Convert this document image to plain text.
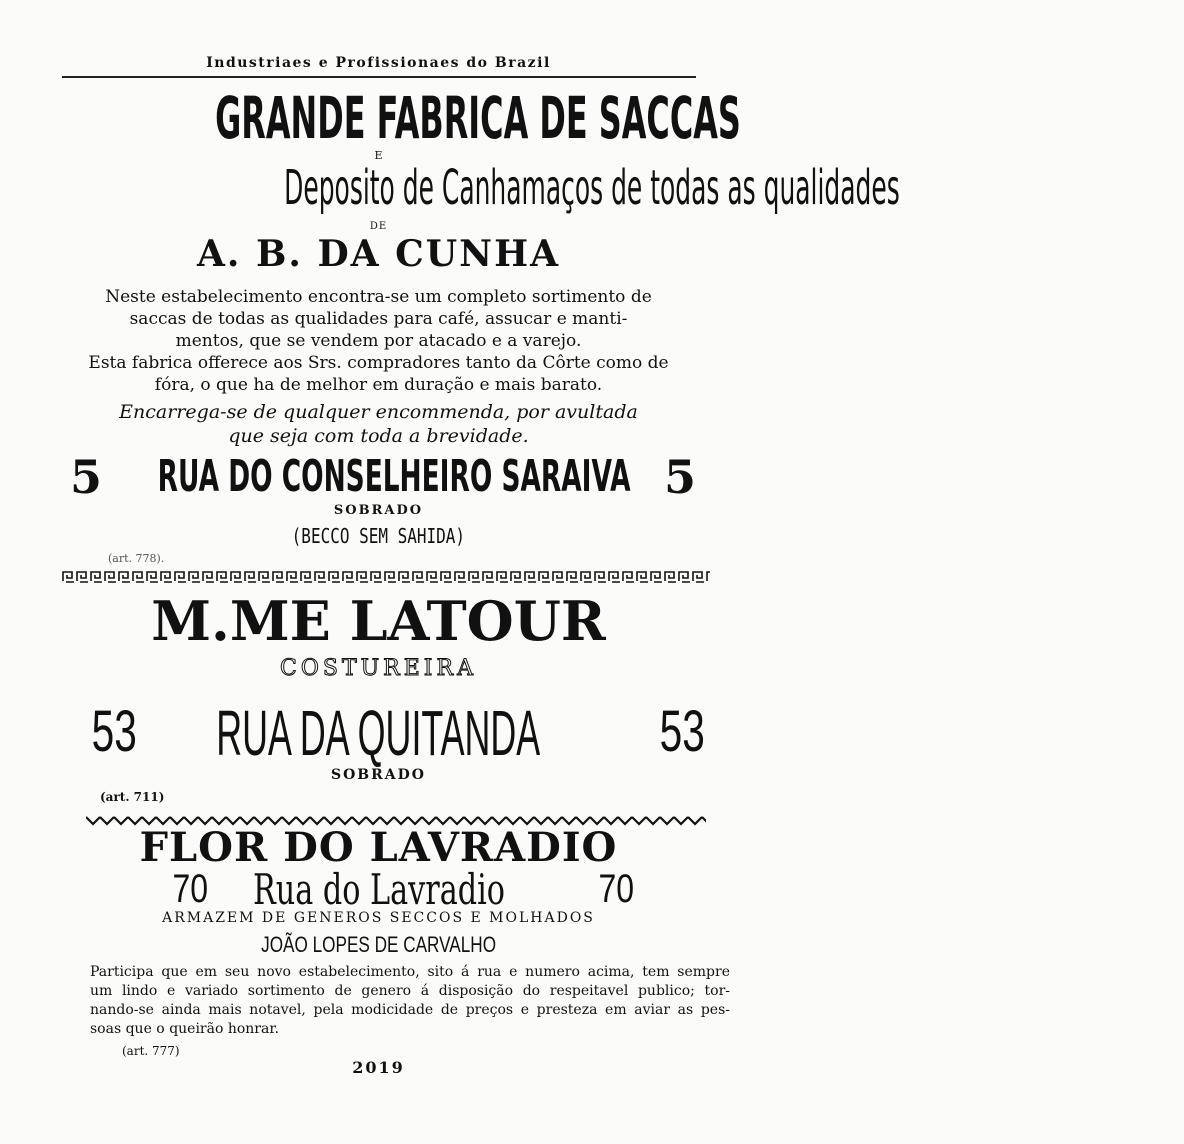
Industriaes e Profissionaes do Brazil
GRANDE FABRICA DE SACCAS
E
Deposito de Canhamaços de todas as qualidades
DE
A. B. DA CUNHA
Neste estabelecimento encontra-se um completo sortimento de
saccas de todas as qualidades para café, assucar e manti-
mentos, que se vendem por atacado e a varejo.
Esta fabrica offerece aos Srs. compradores tanto da Côrte como de
fóra, o que ha de melhor em duração e mais barato.
Encarrega-se de qualquer encommenda, por avultada
que seja com toda a brevidade.
5	RUA DO CONSELHEIRO SARAIVA 5
SOBRADO
(BECCO SEM SAHIDA)
(art. 778).
M.ME LATOUR
COSTUREIRA
53	RUA DA QUITANDA	53
SOBRADO
(art. 711)
FLOR DO LAVRADIO
70	Rua do Lavradio	70
ARMAZEM DE GENEROS SECCOS E MOLHADOS
JOÃO LOPES DE CARVALHO
Participa que em seu novo estabelecimento, sito á rua e numero acima, tem sempre
um lindo e variado sortimento de genero á disposição do respeitavel publico; tor-
nando-se ainda mais notavel, pela modicidade de preços e presteza em aviar as pes-
soas que o queirão honrar.
(art. 777)
2019
